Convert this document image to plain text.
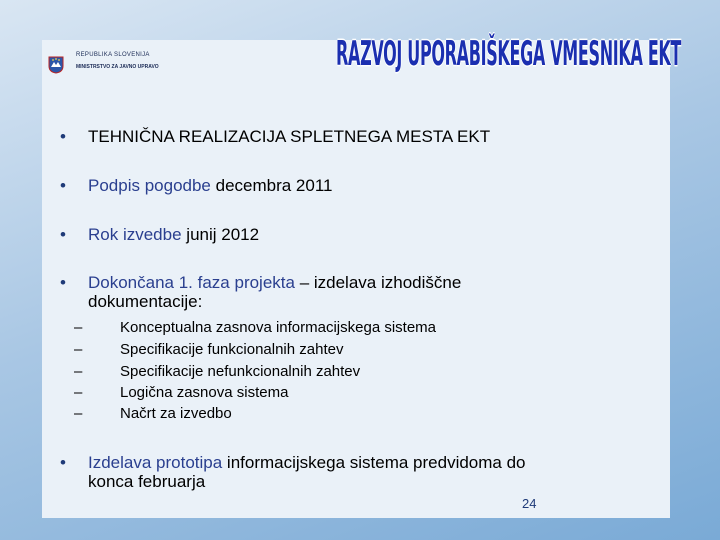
REPUBLIKA SLOVENIJA
MINISTRSTVO ZA JAVNO UPRAVO	RAZVOJ UPORABIŠKEGA VMESNIKA EKT
•	TEHNIČNA REALIZACIJA SPLETNEGA MESTA EKT
•	Podpis pogodbe decembra 2011
•	Rok izvedbe junij 2012
•	Dokončana 1. faza projekta – izdelava izhodiščne
dokumentacije:
–	Konceptualna zasnova informacijskega sistema
–	Specifikacije funkcionalnih zahtev
–	Specifikacije nefunkcionalnih zahtev
–	Logična zasnova sistema
–	Načrt za izvedbo
•	Izdelava prototipa informacijskega sistema predvidoma do
konca februarja
24
